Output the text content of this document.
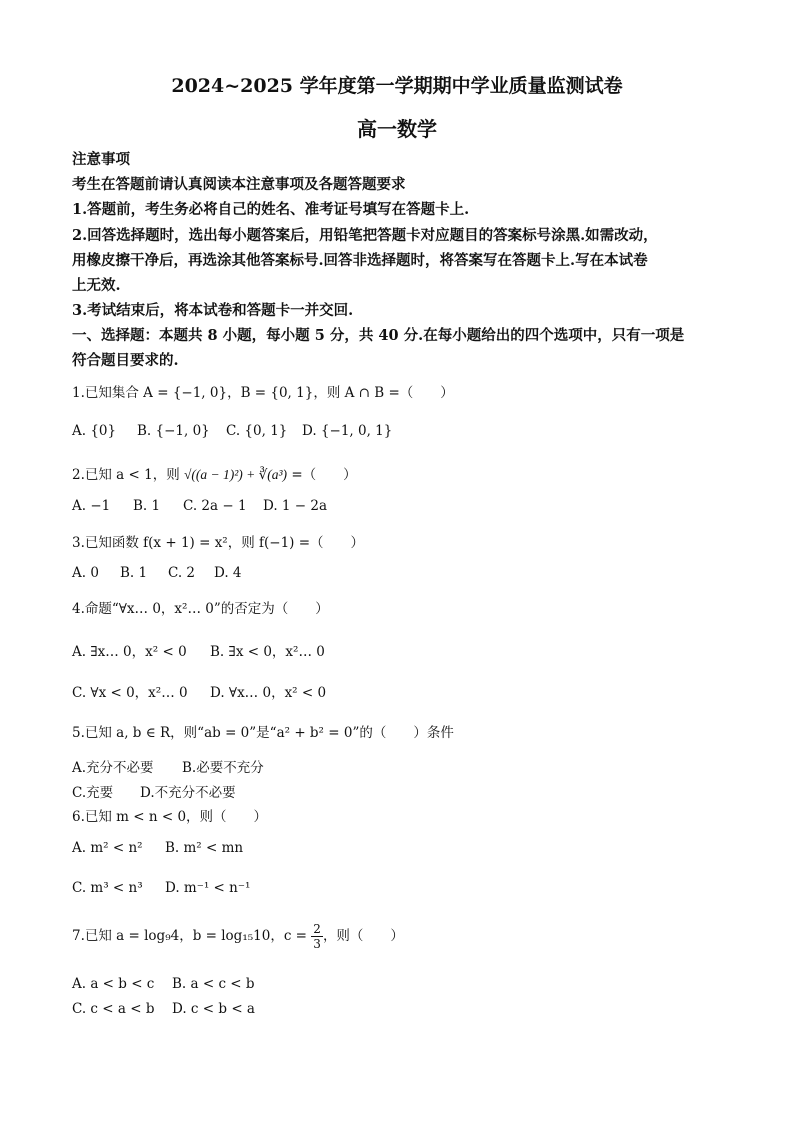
2024~2025 学年度第一学期期中学业质量监测试卷
高一数学
注意事项
考生在答题前请认真阅读本注意事项及各题答题要求
1.答题前，考生务必将自己的姓名、准考证号填写在答题卡上.
2.回答选择题时，选出每小题答案后，用铅笔把答题卡对应题目的答案标号涂黑.如需改动，
用橡皮擦干净后，再选涂其他答案标号.回答非选择题时，将答案写在答题卡上.写在本试卷
上无效.
3.考试结束后，将本试卷和答题卡一并交回.
一、选择题：本题共 8 小题，每小题 5 分，共 40 分.在每小题给出的四个选项中，只有一项是
符合题目要求的.
1.已知集合 A = {−1, 0}，B = {0, 1}，则 A ∩ B =（　　）
A. {0} B. {−1, 0} C. {0, 1} D. {−1, 0, 1}
2.已知 a < 1，则 √((a − 1)²) + ∛(a³) =（　　）
A. −1 B. 1 C. 2a − 1 D. 1 − 2a
3.已知函数 f(x + 1) = x²，则 f(−1) =（　　）
A. 0 B. 1 C. 2 D. 4
4.命题“∀x… 0，x²… 0”的否定为（　　）
A. ∃x… 0，x² < 0 B. ∃x < 0，x²… 0
C. ∀x < 0，x²… 0 D. ∀x… 0，x² < 0
5.已知 a, b ∈ R，则“ab = 0”是“a² + b² = 0”的（　　）条件
A.充分不必要 B.必要不充分
C.充要 D.不充分不必要
6.已知 m < n < 0，则（　　）
A. m² < n² B. m² < mn
C. m³ < n³ D. m⁻¹ < n⁻¹
7.已知 a = log₉4，b = log₁₅10，$c = \frac{2}{3}$ ，则（　　）
A. a < b < c B. a < c < b
C. c < a < b D. c < b < a
